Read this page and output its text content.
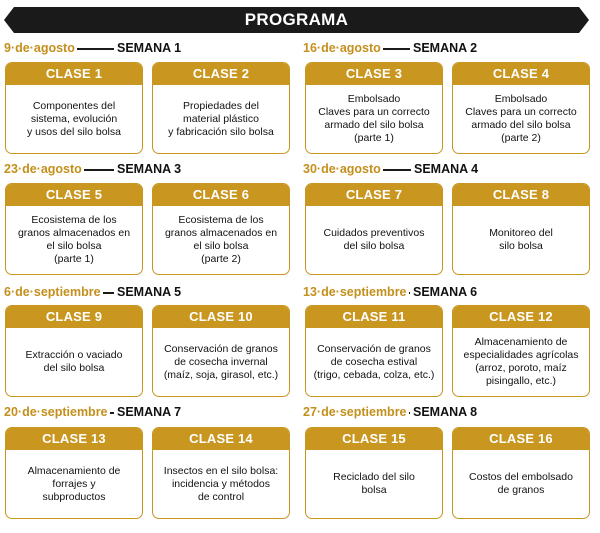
PROGRAMA
9·de·agosto	SEMANA 1	16·de·agosto	SEMANA 2
23·de·agosto	SEMANA 3	30·de·agosto	SEMANA 4
6·de·septiembre SEMANA 5	13·de·septiembre SEMANA 6
20·de·septiembre SEMANA 7	27·de·septiembre SEMANA 8
CLASE 1
Componentes del
sistema, evolución
y usos del silo bolsa
CLASE 2
Propiedades del
material plástico
y fabricación silo bolsa
CLASE 3
Embolsado
Claves para un correcto
armado del silo bolsa
(parte 1)
CLASE 4
Embolsado
Claves para un correcto
armado del silo bolsa
(parte 2)
CLASE 5
Ecosistema de los
granos almacenados en
el silo bolsa
(parte 1)
CLASE 6
Ecosistema de los
granos almacenados en
el silo bolsa
(parte 2)
CLASE 7
Cuidados preventivos
del silo bolsa
CLASE 8
Monitoreo del
silo bolsa
CLASE 9
Extracción o vaciado
del silo bolsa
CLASE 10
Conservación de granos
de cosecha invernal
(maíz, soja, girasol, etc.)
CLASE 11
Conservación de granos
de cosecha estival
(trigo, cebada, colza, etc.)
CLASE 12
Almacenamiento de
especialidades agrícolas
(arroz, poroto, maíz
pisingallo, etc.)
CLASE 13
Almacenamiento de
forrajes y
subproductos
CLASE 14
Insectos en el silo bolsa:
incidencia y métodos
de control
CLASE 15
Reciclado del silo
bolsa
CLASE 16
Costos del embolsado
de granos
